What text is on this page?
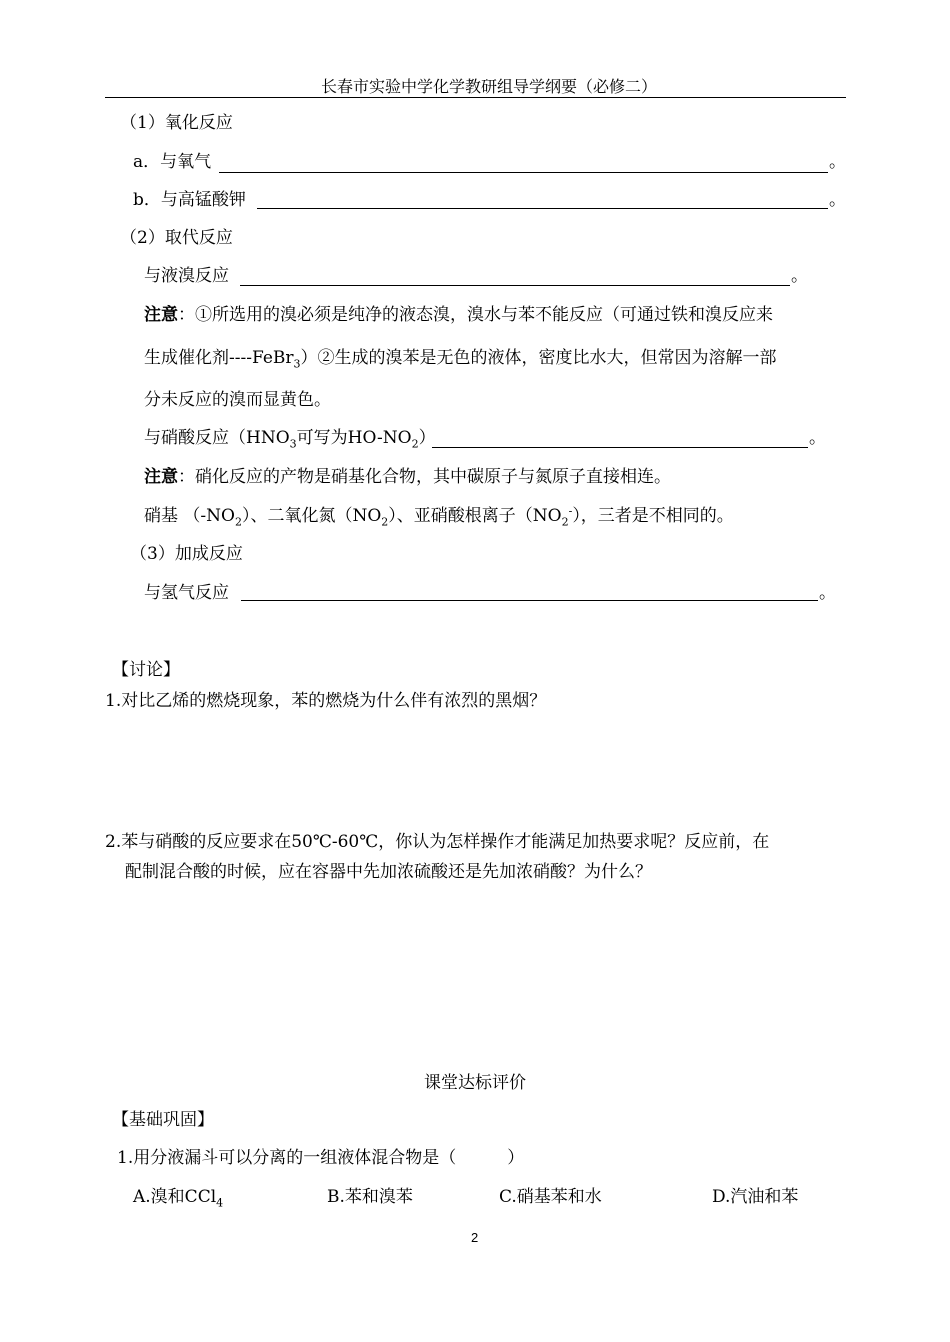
长春市实验中学化学教研组导学纲要（必修二）
（1）氧化反应
a．与氧气	。
b．与高锰酸钾	。
（2）取代反应
与液溴反应	。
注意：①所选用的溴必须是纯净的液态溴，溴水与苯不能反应（可通过铁和溴反应来
生成催化剂----FeBr$_3$）②生成的溴苯是无色的液体，密度比水大，但常因为溶解一部
分未反应的溴而显黄色。
与硝酸反应（$HNO_3$可写为$HO-NO_2$）	。
注意：硝化反应的产物是硝基化合物，其中碳原子与氮原子直接相连。
硝基 $(-NO_2)$、二氧化氮$(NO_2)$、亚硝酸根离子$(NO_2^-)$，三者是不相同的。
（3）加成反应
与氢气反应	。
【讨论】
1.对比乙烯的燃烧现象，苯的燃烧为什么伴有浓烈的黑烟？
2.苯与硝酸的反应要求在50℃-60℃，你认为怎样操作才能满足加热要求呢？反应前，在
配制混合酸的时候，应在容器中先加浓硫酸还是先加浓硝酸？为什么？
课堂达标评价
【基础巩固】
1.用分液漏斗可以分离的一组液体混合物是（　　　）
A.溴和CCl$_4$	B.苯和溴苯	C.硝基苯和水	D.汽油和苯
2
